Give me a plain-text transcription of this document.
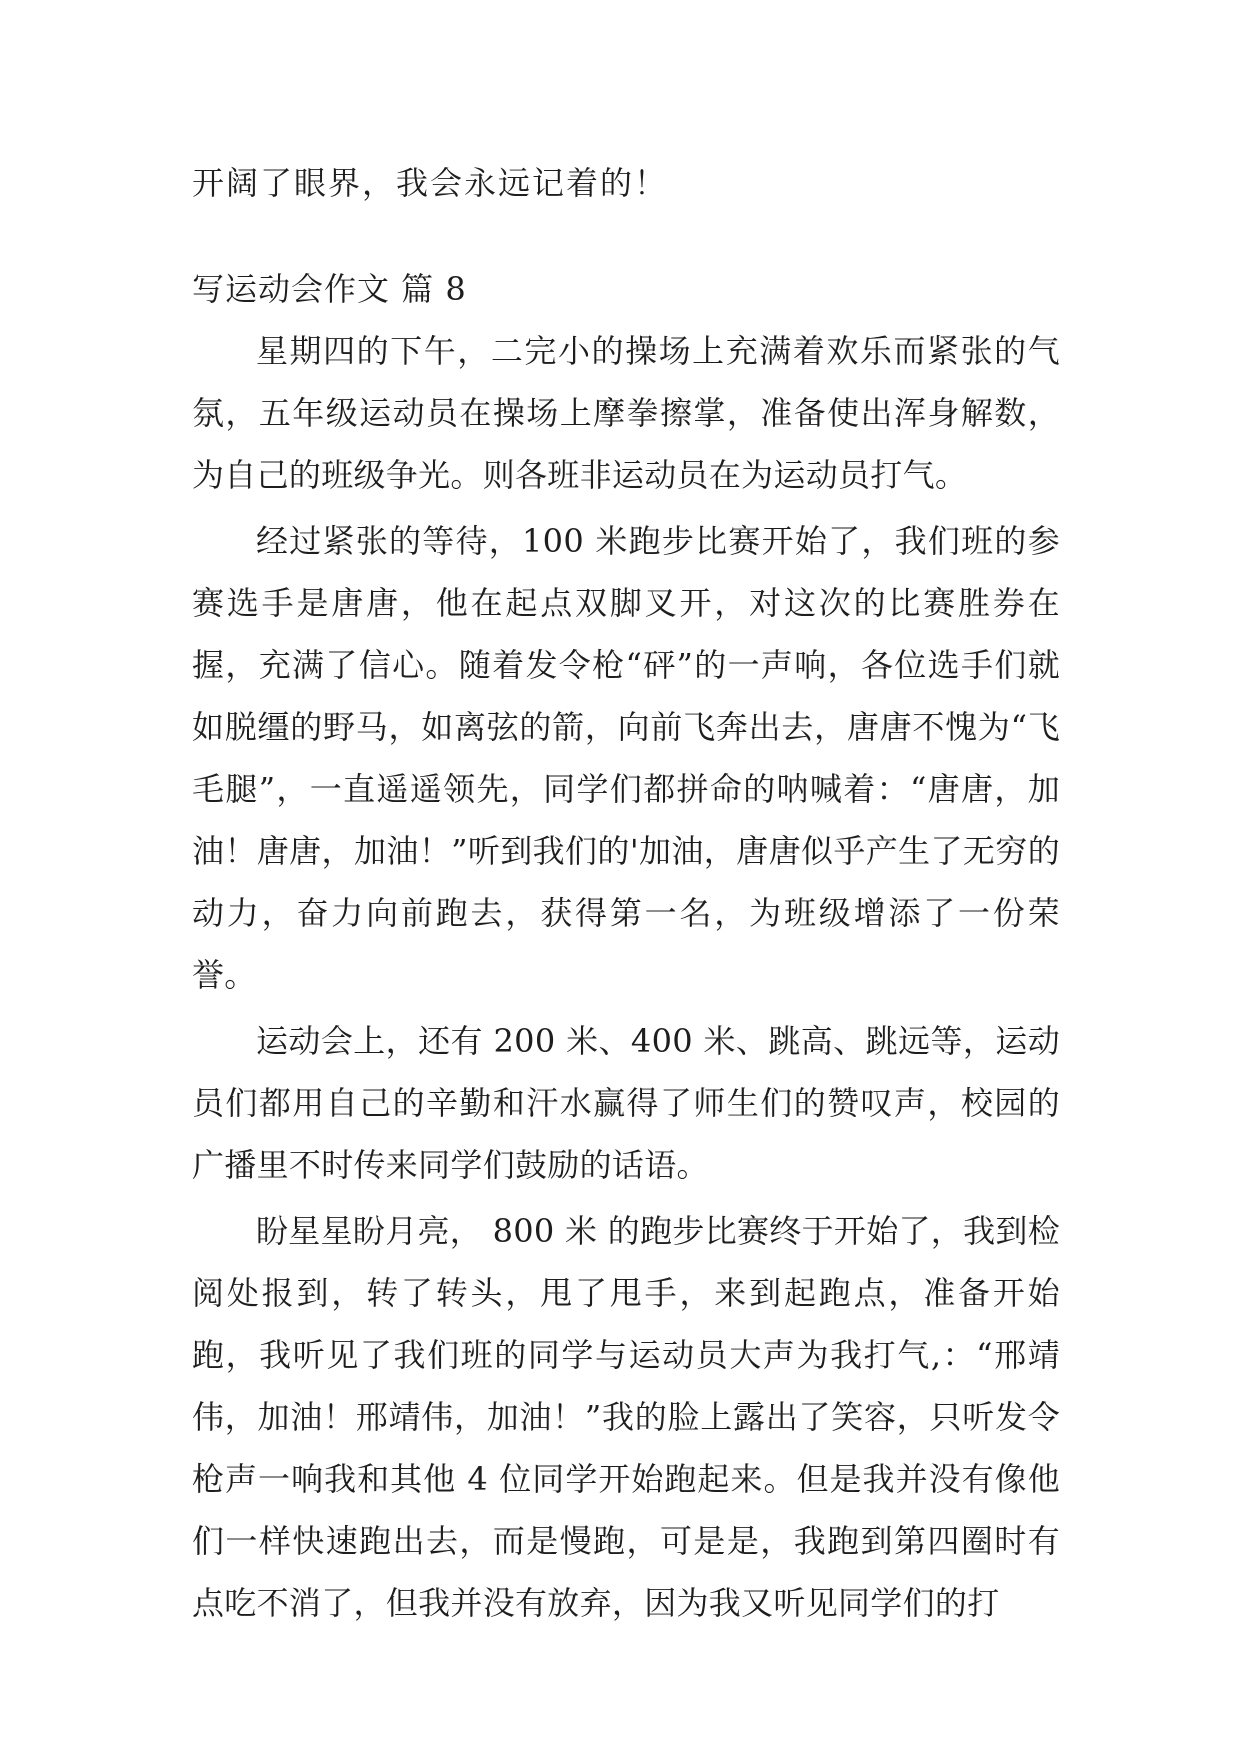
开阔了眼界，我会永远记着的！

写运动会作文 篇 8

星期四的下午，二完小的操场上充满着欢乐而紧张的气氛，五年级运动员在操场上摩拳擦掌，准备使出浑身解数，为自己的班级争光。则各班非运动员在为运动员打气。

经过紧张的等待，100 米跑步比赛开始了，我们班的参赛选手是唐唐，他在起点双脚叉开，对这次的比赛胜券在握，充满了信心。随着发令枪“砰”的一声响，各位选手们就如脱缰的野马，如离弦的箭，向前飞奔出去，唐唐不愧为“飞毛腿”，一直遥遥领先，同学们都拼命的呐喊着：“唐唐，加油！唐唐，加油！”听到我们的'加油，唐唐似乎产生了无穷的动力，奋力向前跑去，获得第一名，为班级增添了一份荣誉。

运动会上，还有 200 米、400 米、跳高、跳远等，运动员们都用自己的辛勤和汗水赢得了师生们的赞叹声，校园的广播里不时传来同学们鼓励的话语。

盼星星盼月亮， 800 米 的跑步比赛终于开始了，我到检阅处报到，转了转头，甩了甩手，来到起跑点，准备开始跑，我听见了我们班的同学与运动员大声为我打气,：“邢靖伟，加油！邢靖伟，加油！”我的脸上露出了笑容，只听发令枪声一响我和其他 4 位同学开始跑起来。但是我并没有像他们一样快速跑出去，而是慢跑，可是是，我跑到第四圈时有点吃不消了，但我并没有放弃，因为我又听见同学们的打
